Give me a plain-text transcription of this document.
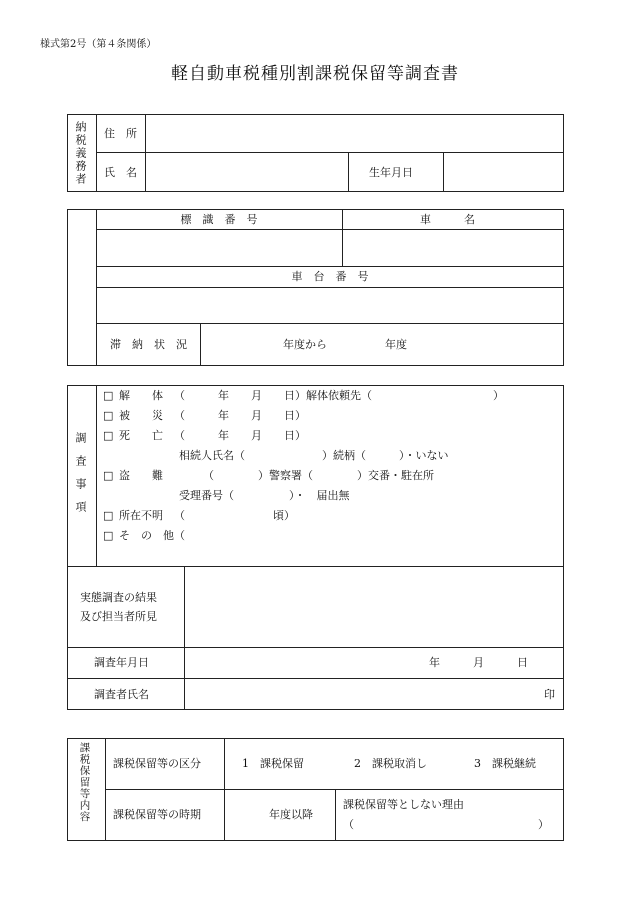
様式第2号（第４条関係）
軽自動車税種別割課税保留等調査書
納税義務者 住　所
氏　名	生年月日
標　識　番　号	車　　　名
車　台　番　号
滞　納　状　況	年度から	年度
調査事項
□ 解　　体 （　　　年　　月　　日）解体依頼先（　　　　　　　　　　　）
□ 被　　災 （　　　年　　月　　日）
□ 死　　亡 （　　　年　　月　　日）
相続人氏名（　　　　　　　）続柄（　　　）・いない
□ 盗　　難	（　　　　）警察署（　　　　）交番・駐在所
受理番号（　　　　　）・　届出無
□ 所在不明 （　　　　　　　　頃）
□ そ　の　他 （
実態調査の結果
及び担当者所見
調査年月日	年　　　月　　　日
調査者氏名	印
課税保留等内容 課税保留等の区分	1　課税保留	2　課税取消し	3　課税継続
課税保留等の時期	年度以降
課税保留等としない理由
（	）
